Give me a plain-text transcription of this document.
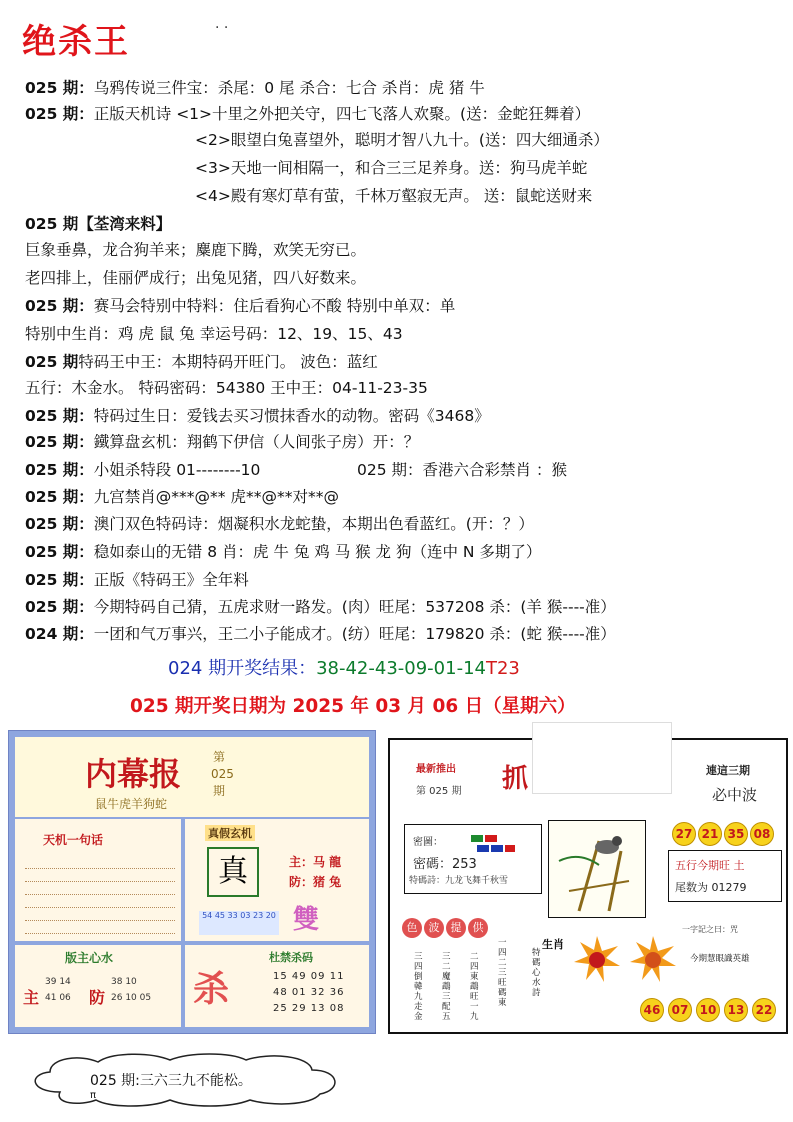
绝杀王	· ·
025 期：乌鸦传说三件宝：杀尾：0 尾 杀合：七合 杀肖：虎 猪 牛
025 期：正版天机诗 <1>十里之外把关守，四七飞落人欢聚。(送：金蛇狂舞着）
<2>眼望白兔喜望外，聪明才智八九十。(送：四大细通杀）
<3>天地一间相隔一，和合三三足养身。送：狗马虎羊蛇
<4>殿有寒灯草有萤，千林万壑寂无声。 送：鼠蛇送财来
025 期【荃湾来料】
巨象垂鼻，龙合狗羊来；麋鹿下腾，欢笑无穷已。
老四排上，佳丽俨成行；出兔见猪，四八好数来。
025 期：赛马会特别中特料：住后看狗心不酸 特别中单双：单
特别中生肖：鸡 虎 鼠 兔 幸运号码：12、19、15、43
025 期特码王中王：本期特码开旺门。 波色：蓝红
五行：木金水。 特码密码：54380 王中王：04-11-23-35
025 期：特码过生日：爱钱去买习惯抹香水的动物。密码《3468》
025 期：鐵算盘玄机：翔鹤下伊信（人间张子房）开：？
025 期：小姐杀特段 01--------10	025 期：香港六合彩禁肖 ：猴
025 期：九宫禁肖@***@** 虎**@**对**@
025 期：澳门双色特码诗：烟凝积水龙蛇蛰，本期出色看蓝红。(开：？）
025 期：稳如泰山的无错 8 肖：虎 牛 兔 鸡 马 猴 龙 狗（连中 N 多期了）
025 期：正版《特码王》全年料
025 期：今期特码自己猜，五虎求财一路发。(肉）旺尾：537208 杀：(羊 猴----准）
024 期：一团和气万事兴，王二小子能成才。(纺）旺尾：179820 杀：(蛇 猴----准）
024 期开奖结果：38-42-43-09-01-14T23
025 期开奖日期为 2025 年 03 月 06 日（星期六）
内幕报
鼠牛虎羊狗蛇
第025期
天机一句话	真假玄机
真	主：马 龍
防：猪 兔
54 45 33 03 23 20 雙
版主心水
主
39 14
41 06 防
38 10
26 10 05 杀
杜禁杀码
15 49 09 11
48 01 32 36
25 29 13 08
最新推出
第 025 期 抓	連這三期
必中波
密圖：
密碼：253
特碼詩：九龙飞舞千秋雪
27 21 35 08
五行今期旺 土
尾数为 01279
色 波 提 供
生肖
三四倒韓九走金
三二魔鵡三配五
二四東鵡旺一九
一四二三旺碼東
特碼心水詩
一字記之曰：咒
今期慧眼識英雄
46 07 10 13 22
025 期:三六三九不能松。
π
